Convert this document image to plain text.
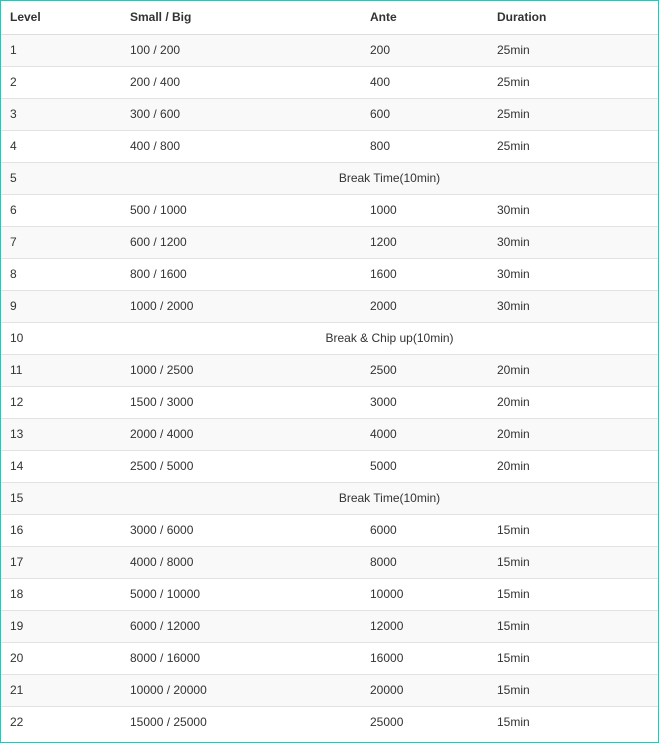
Level	Small / Big	Ante	Duration
1	100 / 200	200	25min
2	200 / 400	400	25min
3	300 / 600	600	25min
4	400 / 800	800	25min
5	Break Time(10min)		
6	500 / 1000	1000	30min
7	600 / 1200	1200	30min
8	800 / 1600	1600	30min
9	1000 / 2000	2000	30min
10	Break & Chip up(10min)		
11	1000 / 2500	2500	20min
12	1500 / 3000	3000	20min
13	2000 / 4000	4000	20min
14	2500 / 5000	5000	20min
15	Break Time(10min)		
16	3000 / 6000	6000	15min
17	4000 / 8000	8000	15min
18	5000 / 10000	10000	15min
19	6000 / 12000	12000	15min
20	8000 / 16000	16000	15min
21	10000 / 20000	20000	15min
22	15000 / 25000	25000	15min
